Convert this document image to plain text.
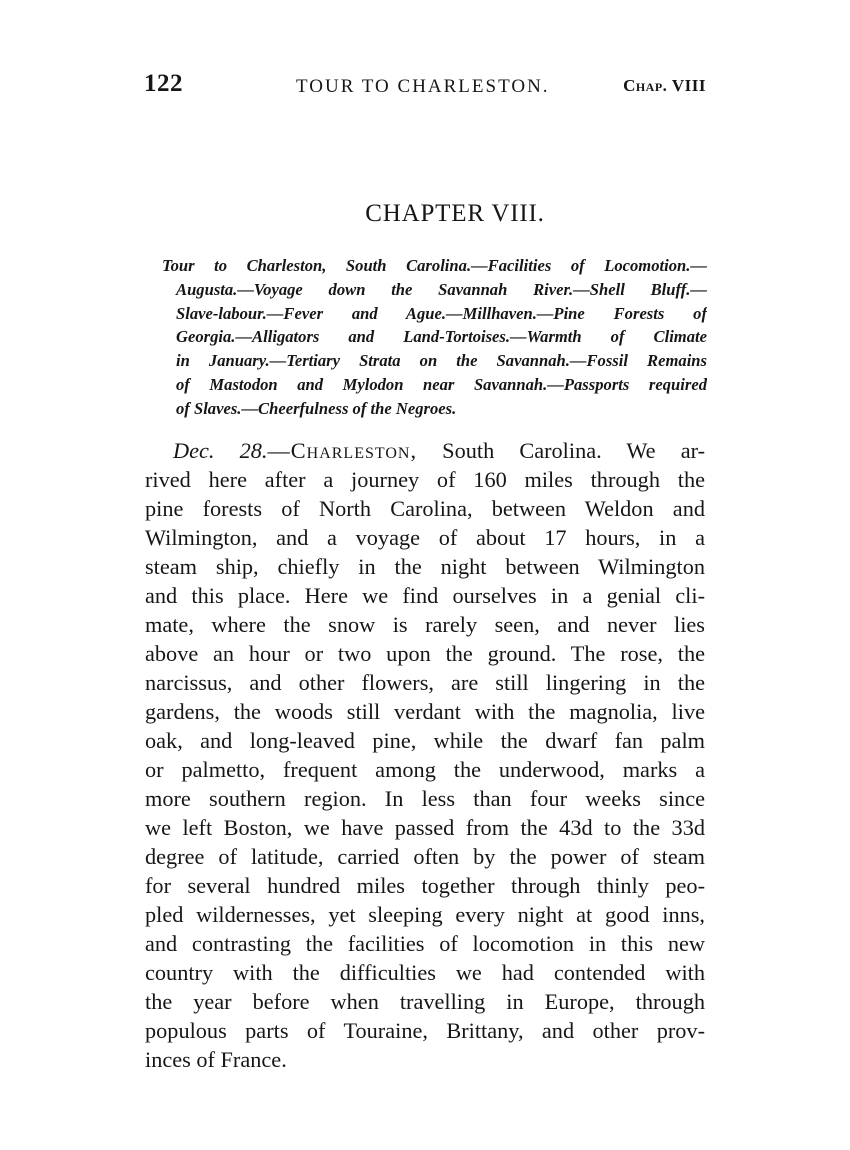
122	TOUR TO CHARLESTON.	Chap. VIII
CHAPTER VIII.

Tour to Charleston, South Carolina.—Facilities of Locomotion.—
Augusta.—Voyage down the Savannah River.—Shell Bluff.—
Slave-labour.—Fever and Ague.—Millhaven.—Pine Forests of
Georgia.—Alligators and Land-Tortoises.—Warmth of Climate
in January.—Tertiary Strata on the Savannah.—Fossil Remains
of Mastodon and Mylodon near Savannah.—Passports required
of Slaves.—Cheerfulness of the Negroes.

Dec. 28.—Charleston, South Carolina. We ar-
rived here after a journey of 160 miles through the
pine forests of North Carolina, between Weldon and
Wilmington, and a voyage of about 17 hours, in a
steam ship, chiefly in the night between Wilmington
and this place. Here we find ourselves in a genial cli-
mate, where the snow is rarely seen, and never lies
above an hour or two upon the ground. The rose, the
narcissus, and other flowers, are still lingering in the
gardens, the woods still verdant with the magnolia, live
oak, and long-leaved pine, while the dwarf fan palm
or palmetto, frequent among the underwood, marks a
more southern region. In less than four weeks since
we left Boston, we have passed from the 43d to the 33d
degree of latitude, carried often by the power of steam
for several hundred miles together through thinly peo-
pled wildernesses, yet sleeping every night at good inns,
and contrasting the facilities of locomotion in this new
country with the difficulties we had contended with
the year before when travelling in Europe, through
populous parts of Touraine, Brittany, and other prov-
inces of France.
